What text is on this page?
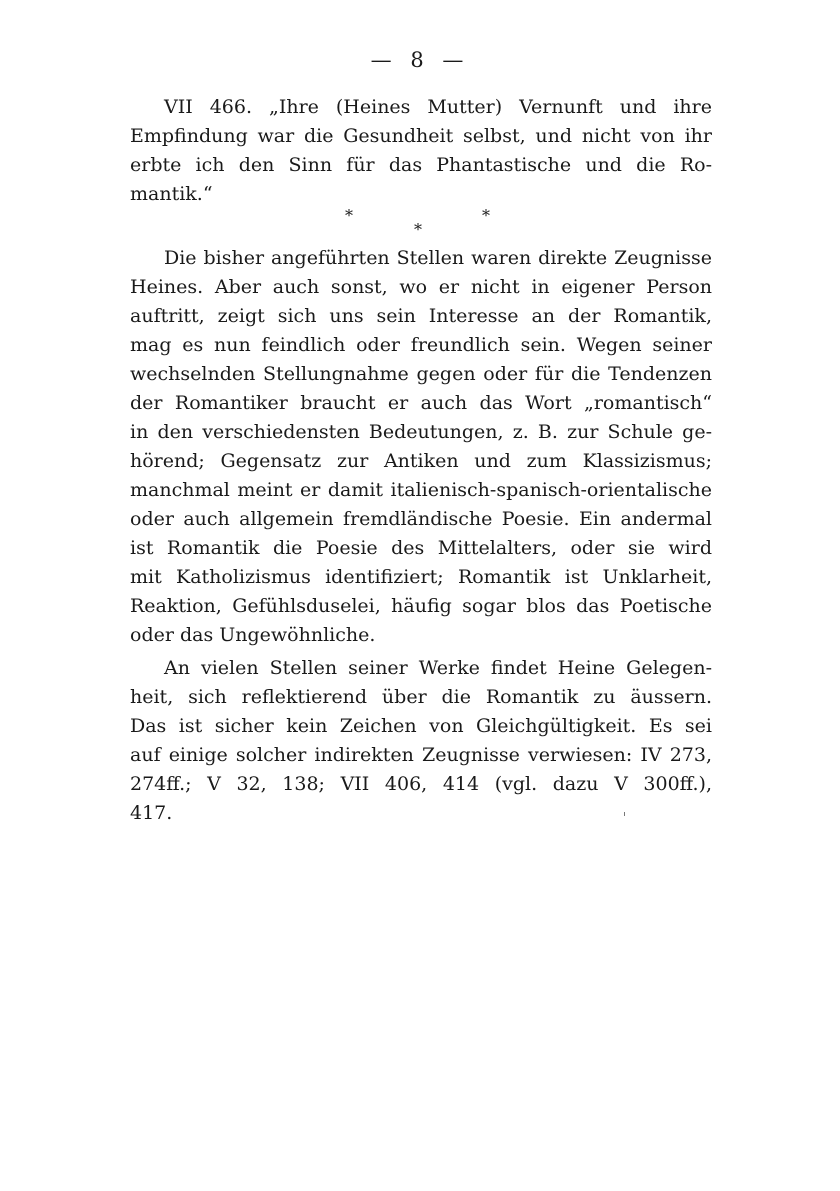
— 8 —
VII 466. „Ihre (Heines Mutter) Vernunft und ihre
Empfindung war die Gesundheit selbst, und nicht von ihr
erbte ich den Sinn für das Phantastische und die Ro-
mantik.“
*	*
*
Die bisher angeführten Stellen waren direkte Zeugnisse
Heines. Aber auch sonst, wo er nicht in eigener Person
auftritt, zeigt sich uns sein Interesse an der Romantik,
mag es nun feindlich oder freundlich sein. Wegen seiner
wechselnden Stellungnahme gegen oder für die Tendenzen
der Romantiker braucht er auch das Wort „romantisch“
in den verschiedensten Bedeutungen, z. B. zur Schule ge-
hörend; Gegensatz zur Antiken und zum Klassizismus;
manchmal meint er damit italienisch-spanisch-orientalische
oder auch allgemein fremdländische Poesie. Ein andermal
ist Romantik die Poesie des Mittelalters, oder sie wird
mit Katholizismus identifiziert; Romantik ist Unklarheit,
Reaktion, Gefühlsduselei, häufig sogar blos das Poetische
oder das Ungewöhnliche.
An vielen Stellen seiner Werke findet Heine Gelegen-
heit, sich reflektierend über die Romantik zu äussern.
Das ist sicher kein Zeichen von Gleichgültigkeit. Es sei
auf einige solcher indirekten Zeugnisse verwiesen: IV 273,
274ff.; V 32, 138; VII 406, 414 (vgl. dazu V 300ff.),
417.
